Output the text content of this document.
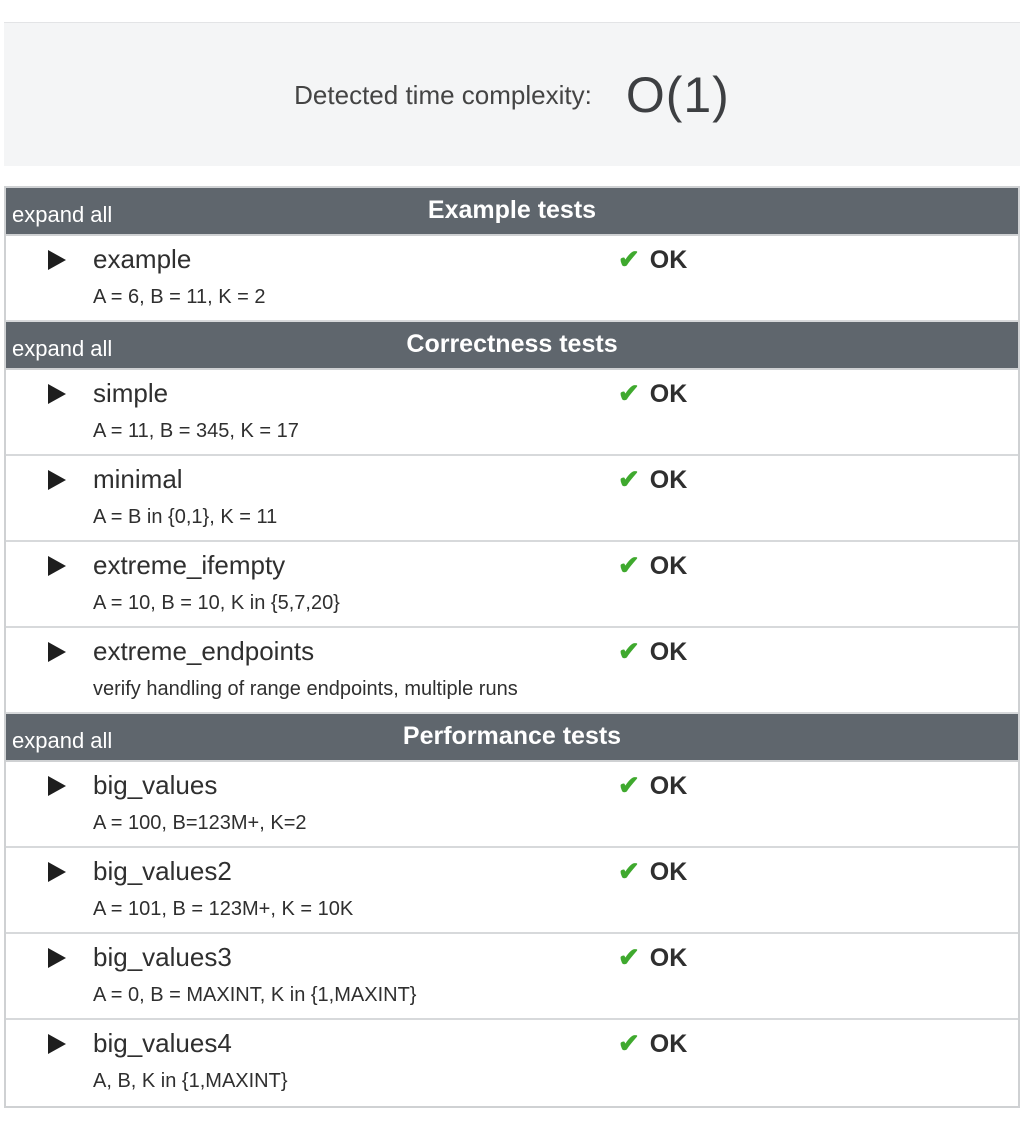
Detected time complexity: O(1)
expand all	Example tests
example	✔ OK
A = 6, B = 11, K = 2
expand all	Correctness tests
simple	✔ OK
A = 11, B = 345, K = 17
minimal	✔ OK
A = B in {0,1}, K = 11
extreme_ifempty	✔ OK
A = 10, B = 10, K in {5,7,20}
extreme_endpoints	✔ OK
verify handling of range endpoints, multiple runs
expand all	Performance tests
big_values	✔ OK
A = 100, B=123M+, K=2
big_values2	✔ OK
A = 101, B = 123M+, K = 10K
big_values3	✔ OK
A = 0, B = MAXINT, K in {1,MAXINT}
big_values4	✔ OK
A, B, K in {1,MAXINT}
